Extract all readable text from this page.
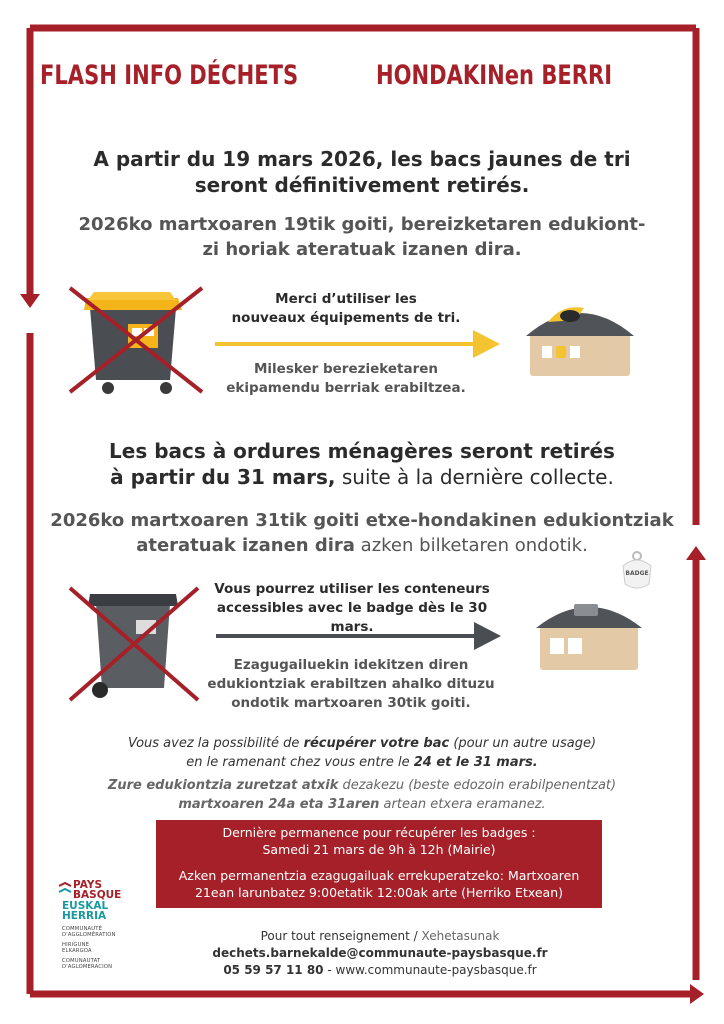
FLASH INFO DÉCHETS	HONDAKINen BERRI
A partir du 19 mars 2026, les bacs jaunes de tri
seront définitivement retirés.
2026ko martxoaren 19tik goiti, bereizketaren edukiont-
zi horiak ateratuak izanen dira.
Merci d’utiliser les
nouveaux équipements de tri.
Milesker berezieketaren
ekipamendu berriak erabiltzea.
Les bacs à ordures ménagères seront retirés
à partir du 31 mars, suite à la dernière collecte.
2026ko martxoaren 31tik goiti etxe-hondakinen edukiontziak
ateratuak izanen dira azken bilketaren ondotik.
BADGE
Vous pourrez utiliser les conteneurs
accessibles avec le badge dès le 30 mars.
Ezagugailuekin idekitzen diren
edukiontziak erabiltzen ahalko dituzu
ondotik martxoaren 30tik goiti.
Vous avez la possibilité de récupérer votre bac (pour un autre usage)
en le ramenant chez vous entre le 24 et le 31 mars.
Zure edukiontzia zuretzat atxik dezakezu (beste edozoin erabilpenentzat)
martxoaren 24a eta 31aren artean etxera eramanez.

Dernière permanence pour récupérer les badges :
Samedi 21 mars de 9h à 12h (Mairie)

Azken permanentzia ezagugailuak errekuperatzeko: Martxoaren
21ean larunbatez 9:00etatik 12:00ak arte (Herriko Etxean)

PAYS
BASQUE
EUSKAL
HERRIA
COMMUNAUTÉ
D'AGGLOMÉRATION
HIRIGUNE
ELKARGOA
COMUNAUTAT
D'AGLOMERACION
Pour tout renseignement / Xehetasunak
dechets.barnekalde@communaute-paysbasque.fr
05 59 57 11 80 - www.communaute-paysbasque.fr
